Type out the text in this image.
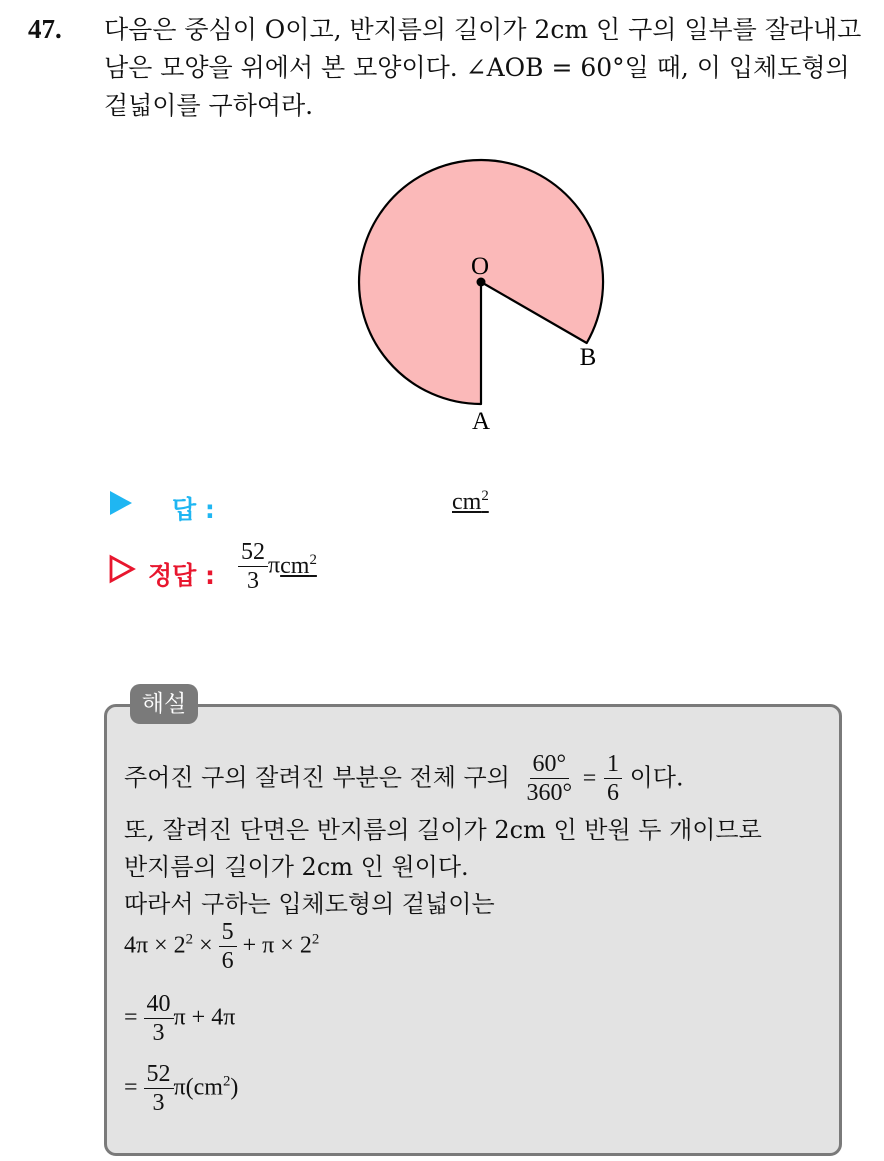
47. 다음은 중심이 O이고, 반지름의 길이가 2cm 인 구의 일부를 잘라내고
남은 모양을 위에서 본 모양이다. ∠AOB = 60°일 때, 이 입체도형의
겉넓이를 구하여라.
O
B
A
답 :	$cm^2$
정답 : $\frac{52}{3} \pi cm^2$
해설
주어진 구의 잘려진 부분은 전체 구의 $\frac{60^\circ}{360^\circ} = \frac{1}{6}$ 이다.
또, 잘려진 단면은 반지름의 길이가 2cm 인 반원 두 개이므로
반지름의 길이가 2cm 인 원이다.
따라서 구하는 입체도형의 겉넓이는
$4\pi \times 2^2 \times \frac{5}{6} + \pi \times 2^2$
= $\frac{40}{3}$ π + 4π
= $\frac{52}{3} \pi(cm^2)$
